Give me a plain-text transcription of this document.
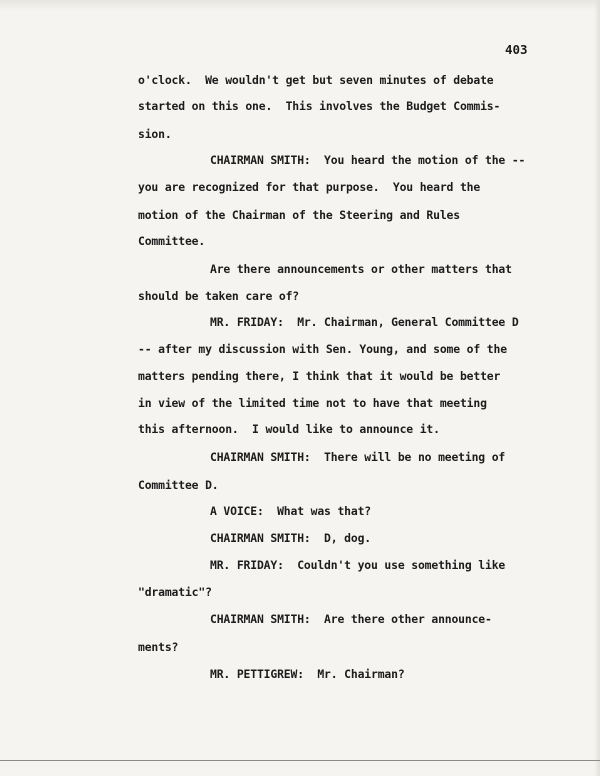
403
o'clock.  We wouldn't get but seven minutes of debate
started on this one.  This involves the Budget Commis-
sion.
CHAIRMAN SMITH:  You heard the motion of the --
you are recognized for that purpose.  You heard the
motion of the Chairman of the Steering and Rules
Committee.
Are there announcements or other matters that
should be taken care of?
MR. FRIDAY:  Mr. Chairman, General Committee D
-- after my discussion with Sen. Young, and some of the
matters pending there, I think that it would be better
in view of the limited time not to have that meeting
this afternoon.  I would like to announce it.
CHAIRMAN SMITH:  There will be no meeting of
Committee D.
A VOICE:  What was that?
CHAIRMAN SMITH:  D, dog.
MR. FRIDAY:  Couldn't you use something like
"dramatic"?
CHAIRMAN SMITH:  Are there other announce-
ments?
MR. PETTIGREW:  Mr. Chairman?
